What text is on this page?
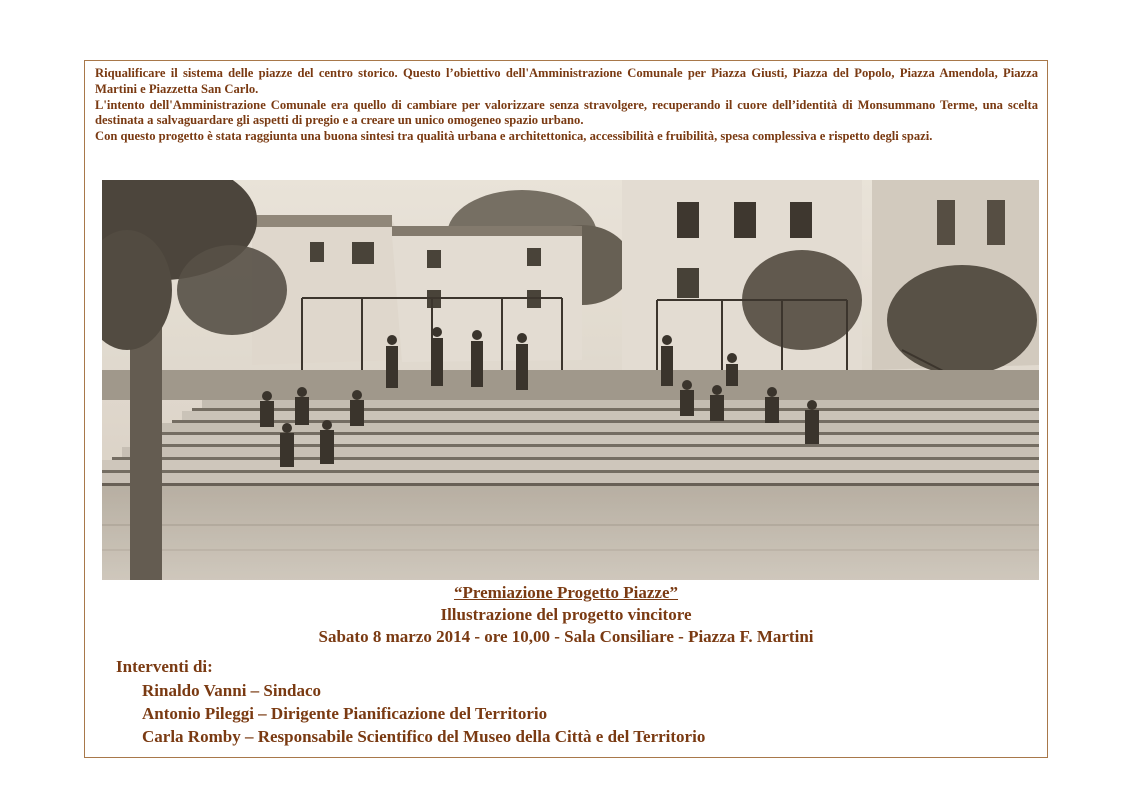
Riqualificare il sistema delle piazze del centro storico. Questo l’obiettivo dell'Amministrazione Comunale per Piazza Giusti, Piazza del Popolo, Piazza Amendola, Piazza Martini e Piazzetta San Carlo.

L'intento dell'Amministrazione Comunale era quello di cambiare per valorizzare senza stravolgere, recuperando il cuore dell’identità di Monsummano Terme, una scelta destinata a salvaguardare gli aspetti di pregio e a creare un unico omogeneo spazio urbano.

Con questo progetto è stata raggiunta una buona sintesi tra qualità urbana e architettonica, accessibilità e fruibilità, spesa complessiva e rispetto degli spazi.

“Premiazione Progetto Piazze”
Illustrazione del progetto vincitore
Sabato 8 marzo 2014 - ore 10,00 - Sala Consiliare - Piazza F. Martini
Interventi di:
Rinaldo Vanni – Sindaco
Antonio Pileggi – Dirigente Pianificazione del Territorio
Carla Romby – Responsabile Scientifico del Museo della Città e del Territorio
